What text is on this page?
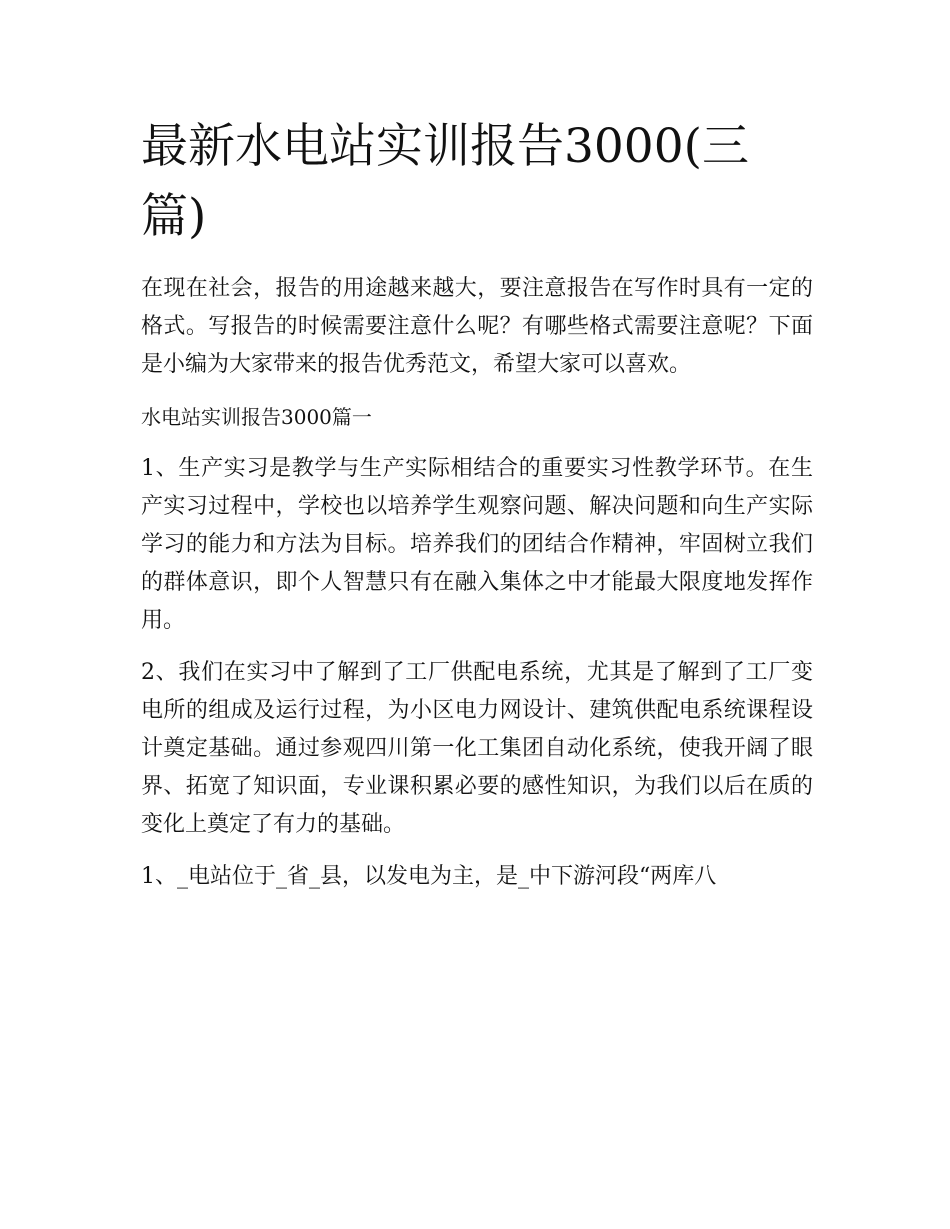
最新水电站实训报告3000(三
篇)

在现在社会，报告的用途越来越大，要注意报告在写作时具有一定的格式。写报告的时候需要注意什么呢？有哪些格式需要注意呢？下面是小编为大家带来的报告优秀范文，希望大家可以喜欢。

水电站实训报告3000篇一

1、生产实习是教学与生产实际相结合的重要实习性教学环节。在生产实习过程中，学校也以培养学生观察问题、解决问题和向生产实际学习的能力和方法为目标。培养我们的团结合作精神，牢固树立我们的群体意识，即个人智慧只有在融入集体之中才能最大限度地发挥作用。

2、我们在实习中了解到了工厂供配电系统，尤其是了解到了工厂变电所的组成及运行过程，为小区电力网设计、建筑供配电系统课程设计奠定基础。通过参观四川第一化工集团自动化系统，使我开阔了眼界、拓宽了知识面，专业课积累必要的感性知识，为我们以后在质的变化上奠定了有力的基础。

1、_电站位于_省_县，以发电为主，是_中下游河段“两库八
